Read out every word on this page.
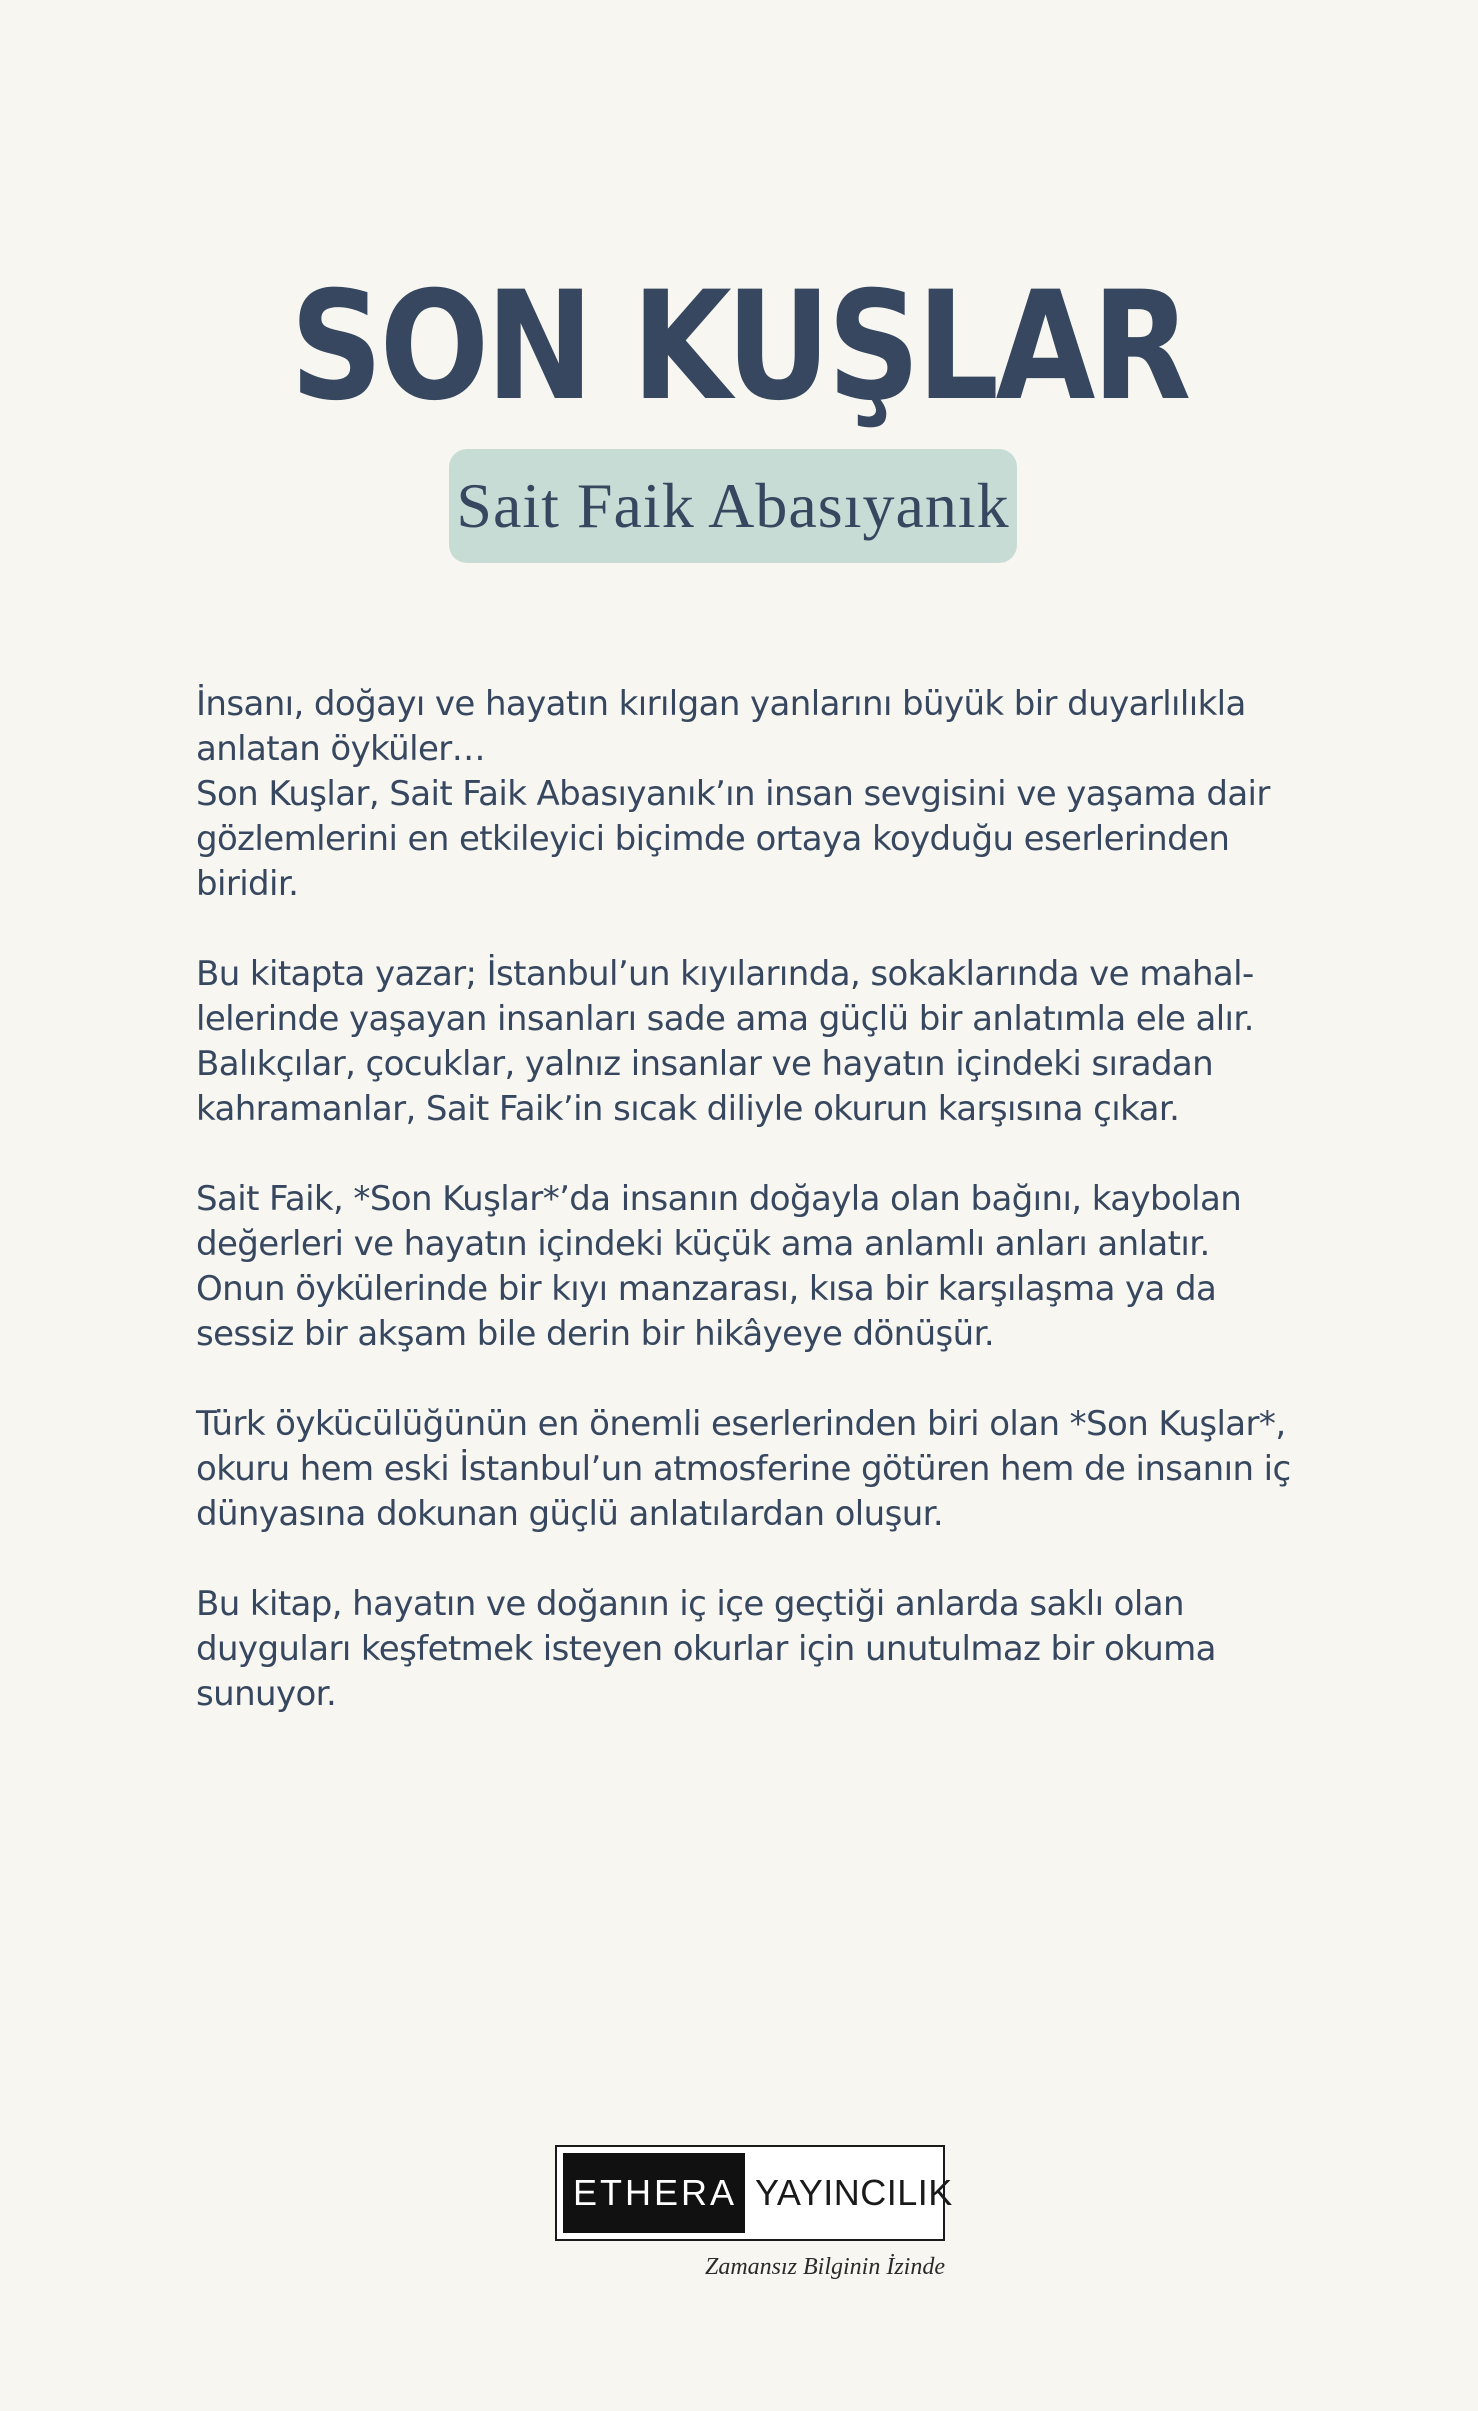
SON KUŞLAR
Sait Faik Abasıyanık

İnsanı, doğayı ve hayatın kırılgan yanlarını büyük bir duyarlılıkla
anlatan öyküler…
Son Kuşlar, Sait Faik Abasıyanık’ın insan sevgisini ve yaşama dair
gözlemlerini en etkileyici biçimde ortaya koyduğu eserlerinden
biridir.

Bu kitapta yazar; İstanbul’un kıyılarında, sokaklarında ve mahal-
lelerinde yaşayan insanları sade ama güçlü bir anlatımla ele alır.
Balıkçılar, çocuklar, yalnız insanlar ve hayatın içindeki sıradan
kahramanlar, Sait Faik’in sıcak diliyle okurun karşısına çıkar.

Sait Faik, *Son Kuşlar*’da insanın doğayla olan bağını, kaybolan
değerleri ve hayatın içindeki küçük ama anlamlı anları anlatır.
Onun öykülerinde bir kıyı manzarası, kısa bir karşılaşma ya da
sessiz bir akşam bile derin bir hikâyeye dönüşür.

Türk öykücülüğünün en önemli eserlerinden biri olan *Son Kuşlar*,
okuru hem eski İstanbul’un atmosferine götüren hem de insanın iç
dünyasına dokunan güçlü anlatılardan oluşur.

Bu kitap, hayatın ve doğanın iç içe geçtiği anlarda saklı olan
duyguları keşfetmek isteyen okurlar için unutulmaz bir okuma
sunuyor.

ETHERA YAYINCILIK
Zamansız Bilginin İzinde
